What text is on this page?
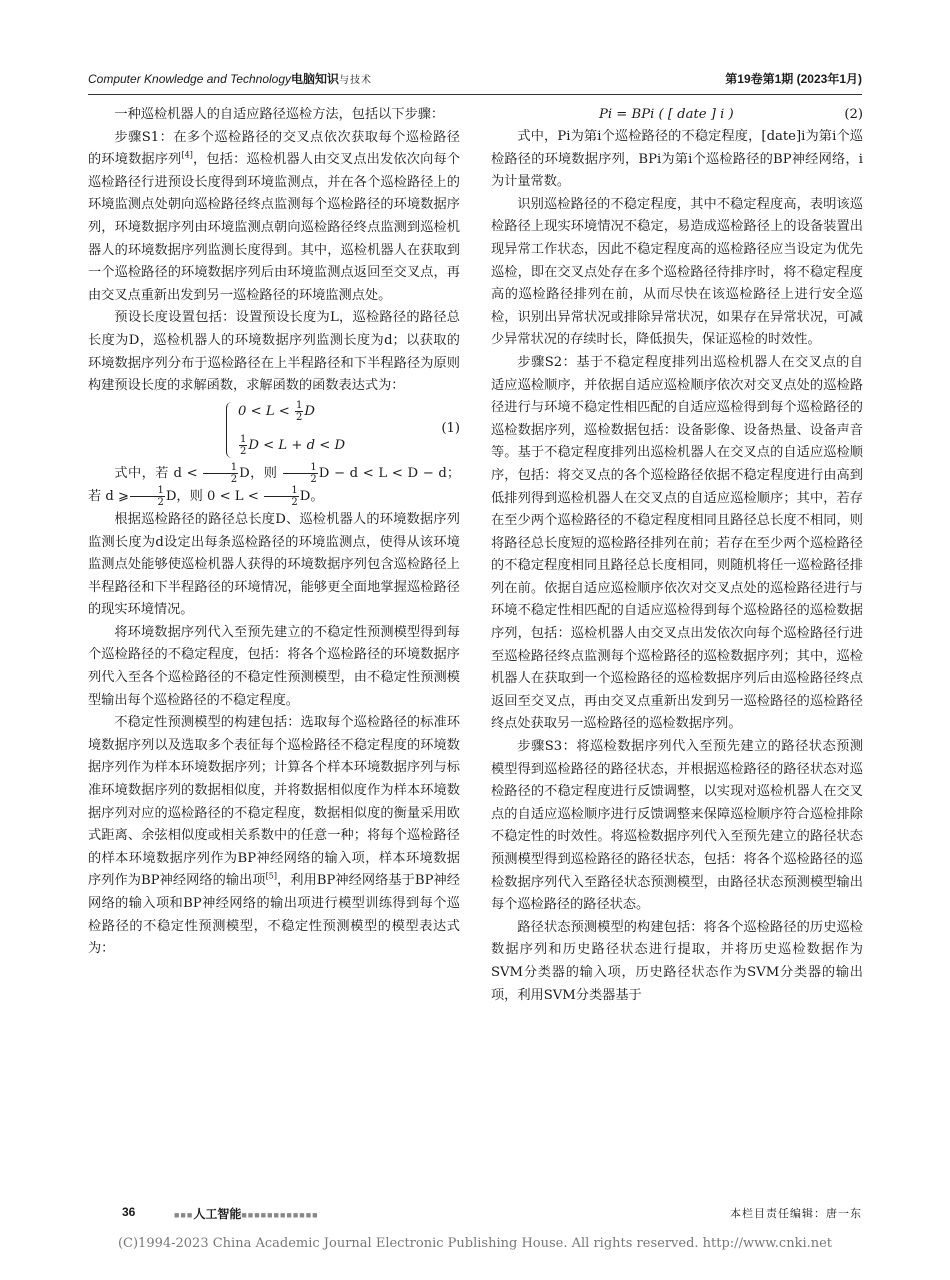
Computer Knowledge and Technology电脑知识与技术	第19卷第1期 (2023年1月)

一种巡检机器人的自适应路径巡检方法，包括以下步骤：

步骤S1：在多个巡检路径的交叉点依次获取每个巡检路径的环境数据序列[4]，包括：巡检机器人由交叉点出发依次向每个巡检路径行进预设长度得到环境监测点，并在各个巡检路径上的环境监测点处朝向巡检路径终点监测每个巡检路径的环境数据序列，环境数据序列由环境监测点朝向巡检路径终点监测到巡检机器人的环境数据序列监测长度得到。其中，巡检机器人在获取到一个巡检路径的环境数据序列后由环境监测点返回至交叉点，再由交叉点重新出发到另一巡检路径的环境监测点处。

预设长度设置包括：设置预设长度为L，巡检路径的路径总长度为D，巡检机器人的环境数据序列监测长度为d；以获取的环境数据序列分布于巡检路径在上半程路径和下半程路径为原则构建预设长度的求解函数，求解函数的函数表达式为：

$0 < L < \frac{1}{2}$ D
$\frac{1}{2}$ D < L + d < D
(1)

式中，若 $d < \frac{1}{2}$ D，则 $\frac{1}{2}$ D − d < L < D − d；若 d ⩾ $\frac{1}{2}$ D，则 $0 < L < \frac{1}{2}$ D。

根据巡检路径的路径总长度D、巡检机器人的环境数据序列监测长度为d设定出每条巡检路径的环境监测点，使得从该环境监测点处能够使巡检机器人获得的环境数据序列包含巡检路径上半程路径和下半程路径的环境情况，能够更全面地掌握巡检路径的现实环境情况。

将环境数据序列代入至预先建立的不稳定性预测模型得到每个巡检路径的不稳定程度，包括：将各个巡检路径的环境数据序列代入至各个巡检路径的不稳定性预测模型，由不稳定性预测模型输出每个巡检路径的不稳定程度。

不稳定性预测模型的构建包括：选取每个巡检路径的标准环境数据序列以及选取多个表征每个巡检路径不稳定程度的环境数据序列作为样本环境数据序列；计算各个样本环境数据序列与标准环境数据序列的数据相似度，并将数据相似度作为样本环境数据序列对应的巡检路径的不稳定程度，数据相似度的衡量采用欧式距离、余弦相似度或相关系数中的任意一种；将每个巡检路径的样本环境数据序列作为BP神经网络的输入项，样本环境数据序列作为BP神经网络的输出项[5]，利用BP神经网络基于BP神经网络的输入项和BP神经网络的输出项进行模型训练得到每个巡检路径的不稳定性预测模型，不稳定性预测模型的模型表达式为：

Pi = BPi ( [ date ] i )	(2)

式中，Pi为第i个巡检路径的不稳定程度，[date]i为第i个巡检路径的环境数据序列，BPi为第i个巡检路径的BP神经网络，i为计量常数。

识别巡检路径的不稳定程度，其中不稳定程度高，表明该巡检路径上现实环境情况不稳定，易造成巡检路径上的设备装置出现异常工作状态，因此不稳定程度高的巡检路径应当设定为优先巡检，即在交叉点处存在多个巡检路径待排序时，将不稳定程度高的巡检路径排列在前，从而尽快在该巡检路径上进行安全巡检，识别出异常状况或排除异常状况，如果存在异常状况，可减少异常状况的存续时长，降低损失，保证巡检的时效性。

步骤S2：基于不稳定程度排列出巡检机器人在交叉点的自适应巡检顺序，并依据自适应巡检顺序依次对交叉点处的巡检路径进行与环境不稳定性相匹配的自适应巡检得到每个巡检路径的巡检数据序列，巡检数据包括：设备影像、设备热量、设备声音等。基于不稳定程度排列出巡检机器人在交叉点的自适应巡检顺序，包括：将交叉点的各个巡检路径依据不稳定程度进行由高到低排列得到巡检机器人在交叉点的自适应巡检顺序；其中，若存在至少两个巡检路径的不稳定程度相同且路径总长度不相同，则将路径总长度短的巡检路径排列在前；若存在至少两个巡检路径的不稳定程度相同且路径总长度相同，则随机将任一巡检路径排列在前。依据自适应巡检顺序依次对交叉点处的巡检路径进行与环境不稳定性相匹配的自适应巡检得到每个巡检路径的巡检数据序列，包括：巡检机器人由交叉点出发依次向每个巡检路径行进至巡检路径终点监测每个巡检路径的巡检数据序列；其中，巡检机器人在获取到一个巡检路径的巡检数据序列后由巡检路径终点返回至交叉点，再由交叉点重新出发到另一巡检路径的巡检路径终点处获取另一巡检路径的巡检数据序列。

步骤S3：将巡检数据序列代入至预先建立的路径状态预测模型得到巡检路径的路径状态，并根据巡检路径的路径状态对巡检路径的不稳定程度进行反馈调整，以实现对巡检机器人在交叉点的自适应巡检顺序进行反馈调整来保障巡检顺序符合巡检排除不稳定性的时效性。将巡检数据序列代入至预先建立的路径状态预测模型得到巡检路径的路径状态，包括：将各个巡检路径的巡检数据序列代入至路径状态预测模型，由路径状态预测模型输出每个巡检路径的路径状态。

路径状态预测模型的构建包括：将各个巡检路径的历史巡检数据序列和历史路径状态进行提取，并将历史巡检数据作为SVM分类器的输入项，历史路径状态作为SVM分类器的输出项，利用SVM分类器基于

36	■■■人工智能■■■■■■■■■■■■	本栏目责任编辑：唐一东
(C)1994-2023 China Academic Journal Electronic Publishing House. All rights reserved. http://www.cnki.net
